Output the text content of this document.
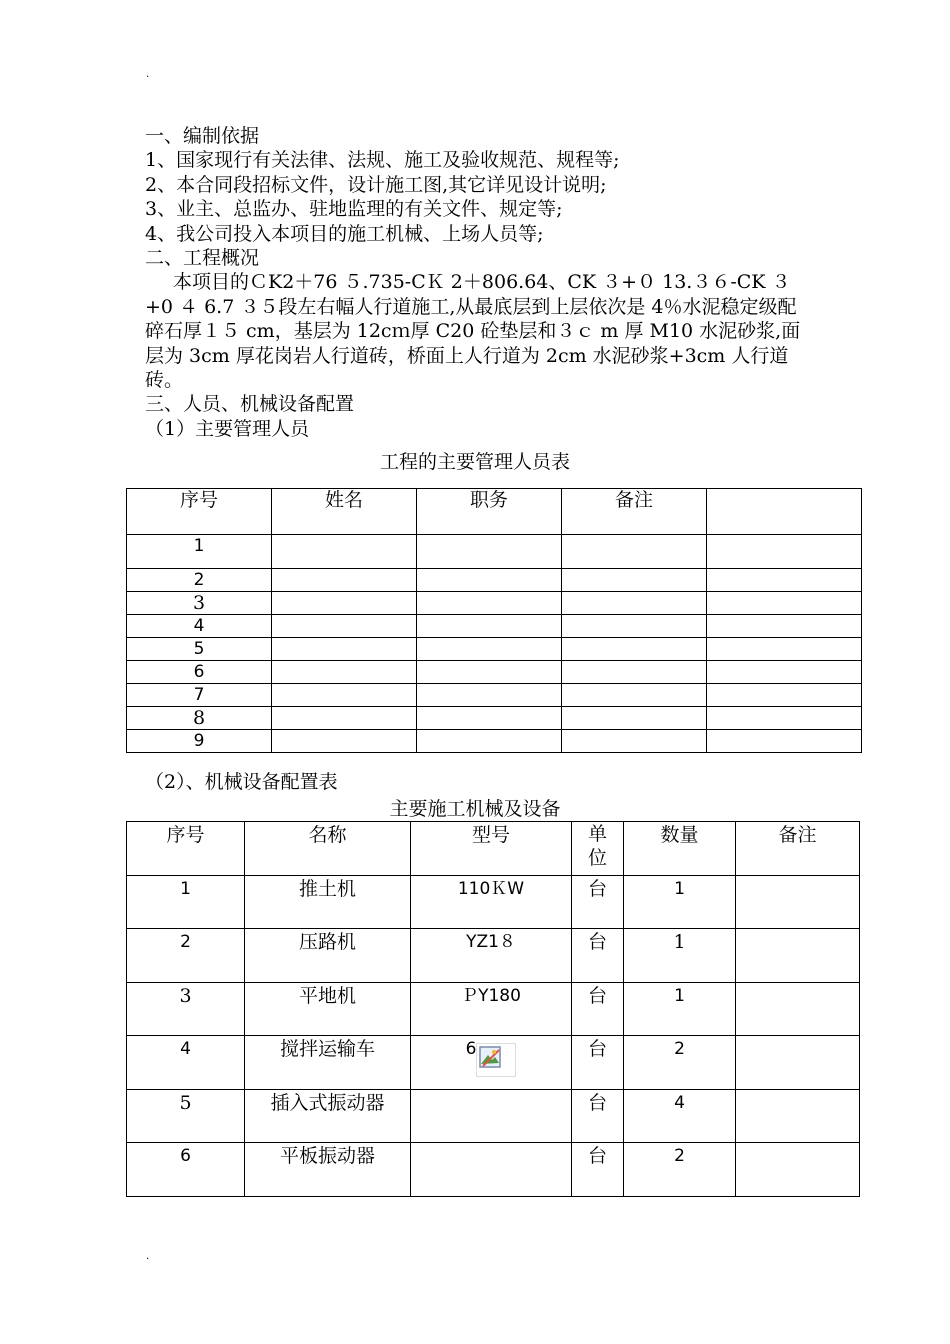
.

一、编制依据

1、国家现行有关法律、法规、施工及验收规范、规程等;

2、本合同段招标文件，设计施工图,其它详见设计说明;

3、业主、总监办、驻地监理的有关文件、规定等;

4、我公司投入本项目的施工机械、上场人员等;

二、工程概况

本项目的ＣK2＋76 ５.735-CＫ 2＋806.64、CK ３+０ 13.３６-CK ３+0 ４ 6.7 ３５段左右幅人行道施工,从最底层到上层依次是 4％水泥稳定级配碎石厚１５ cm，基层为 12cｍ厚 C20 砼垫层和３ｃ m 厚 M10 水泥砂浆,面层为 3cm 厚花岗岩人行道砖，桥面上人行道为 2cm 水泥砂浆+3cm 人行道砖。

三、人员、机械设备配置

（1）主要管理人员

工程的主要管理人员表
序号	姓名	职务	备注	
1				
2				
3				
4				
5				
6				
7				
8				
9				
（2）、机械设备配置表
主要施工机械及设备
序号	名称	型号	单位	数量	备注
1	推土机	110ＫW	台	1	
2	压路机	YZ1８	台	1	
3	平地机	ＰY180	台	1	
4	搅拌运输车	6	台	2	
5	插入式振动器		台	4	
6	平板振动器		台	2	
.
